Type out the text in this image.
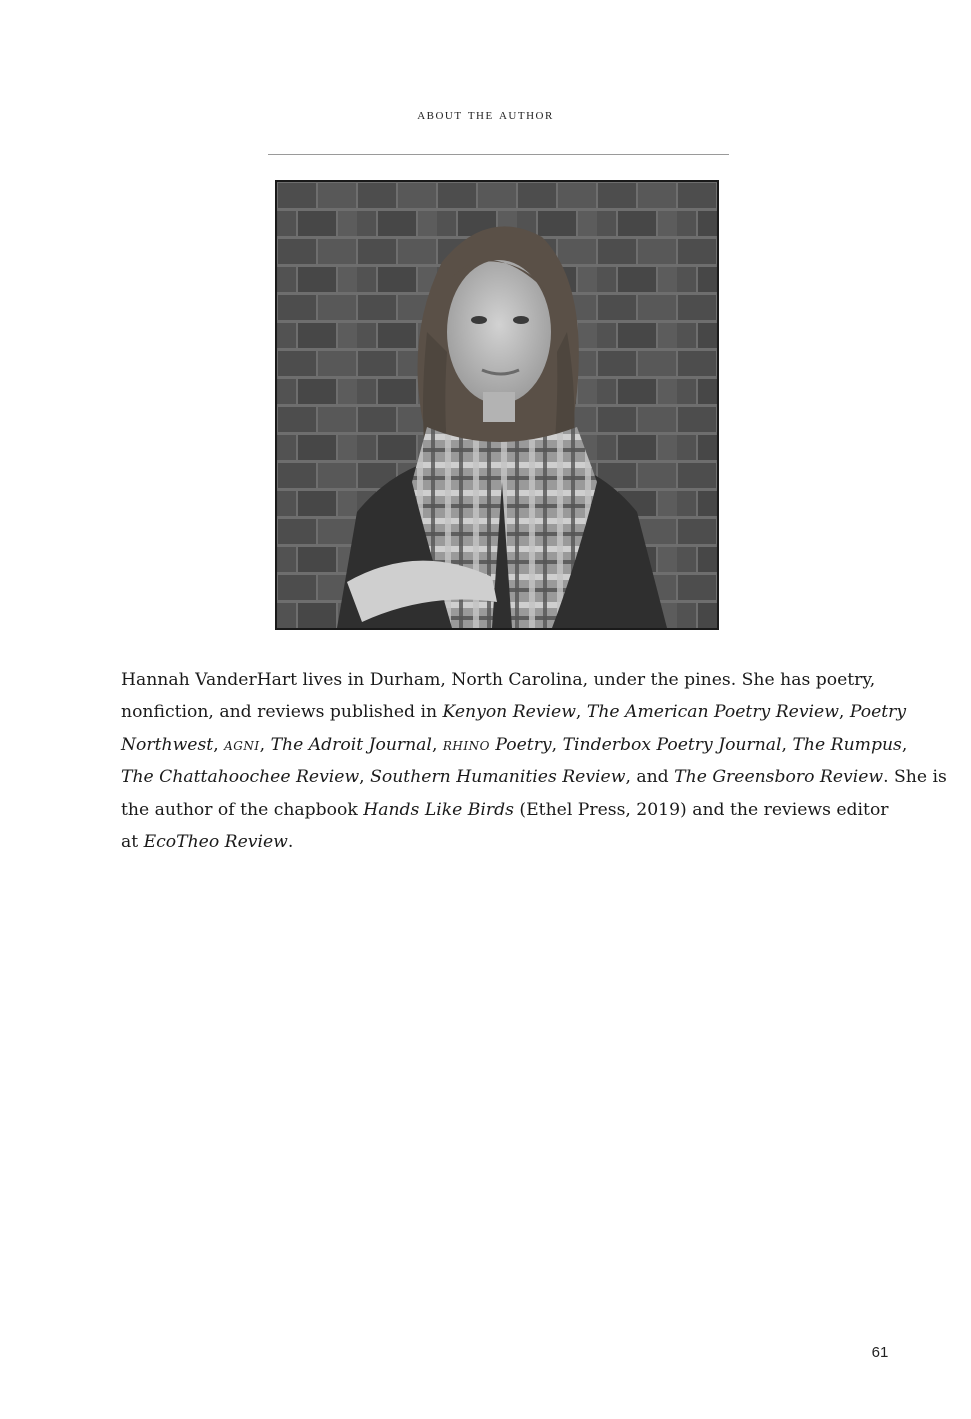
about the author

Hannah VanderHart lives in Durham, North Carolina, under the pines. She has poetry,
nonfiction, and reviews published in Kenyon Review, The American Poetry Review, Poetry
Northwest, agni, The Adroit Journal, rhino Poetry, Tinderbox Poetry Journal, The Rumpus,
The Chattahoochee Review, Southern Humanities Review, and The Greensboro Review. She is
the author of the chapbook Hands Like Birds (Ethel Press, 2019) and the reviews editor
at EcoTheo Review.

61
